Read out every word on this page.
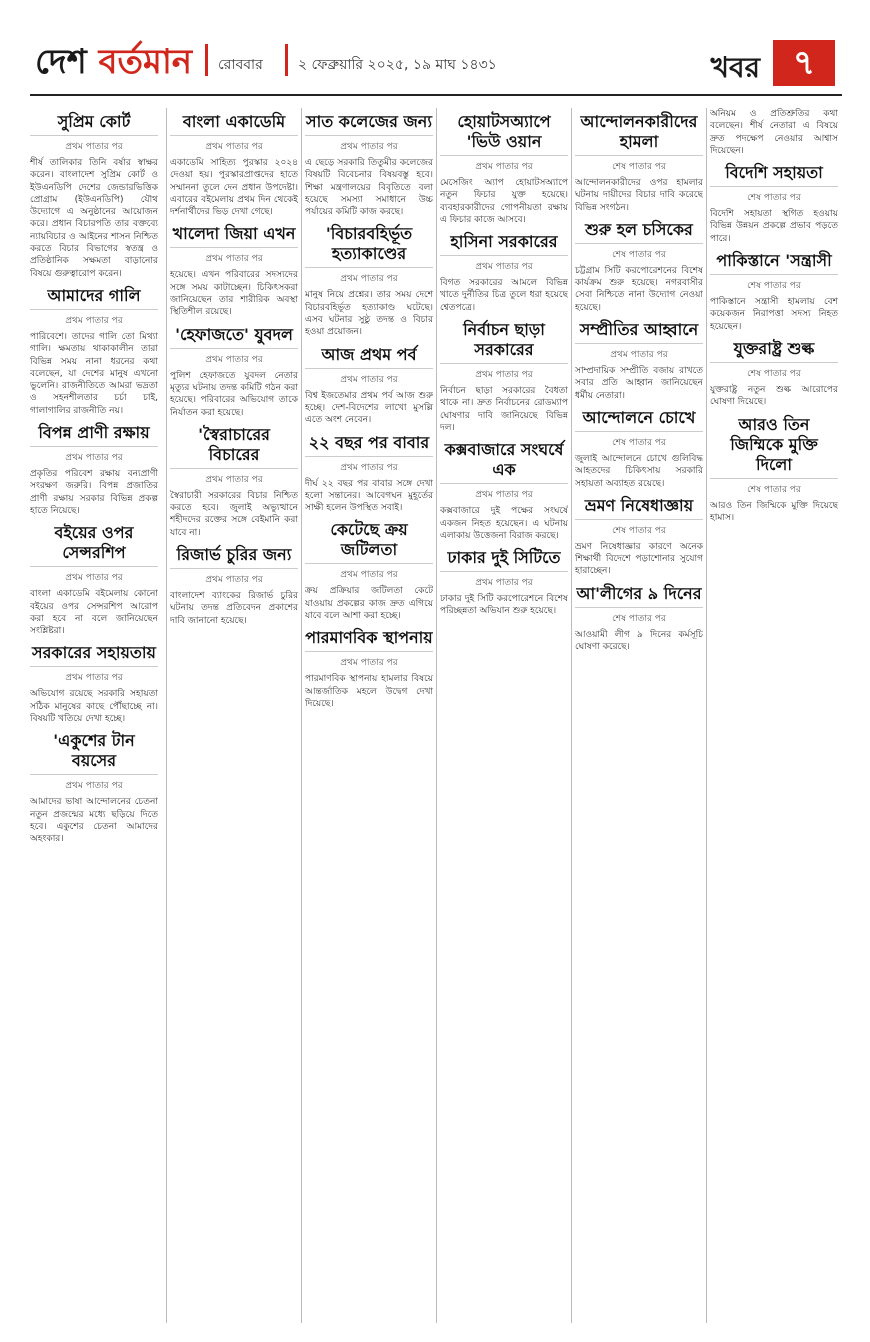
দেশ বর্তমান রোববার	২ ফেব্রুয়ারি ২০২৫, ১৯ মাঘ ১৪৩১	খবর ৭
সুপ্রিম কোর্ট
প্রথম পাতার পর

শীর্ষ তালিকার তিনি বর্ষার স্বাক্ষর করেন। বাংলাদেশ সুপ্রিম কোর্ট ও ইউএনডিপি দেশের জেন্ডারভিত্তিক প্রোগ্রাম (ইউএনডিপি) যৌথ উদ্যোগে এ অনুষ্ঠানের আয়োজন করে। প্রধান বিচারপতি তার বক্তব্যে ন্যায়বিচার ও আইনের শাসন নিশ্চিত করতে বিচার বিভাগের স্বতন্ত্র ও প্রতিষ্ঠানিক সক্ষমতা বাড়ানোর বিষয়ে গুরুত্বারোপ করেন।

আমাদের গালি
প্রথম পাতার পর

পারিবেশে। তাদের গালি তো মিথ্যা গালি। ক্ষমতায় থাকাকালীন তারা বিভিন্ন সময় নানা ধরনের কথা বলেছেন, যা দেশের মানুষ এখনো ভুলেনি। রাজনীতিতে আমরা ভদ্রতা ও সহনশীলতার চর্চা চাই, গালাগালির রাজনীতি নয়।

বিপন্ন প্রাণী রক্ষায়
প্রথম পাতার পর

প্রকৃতির পরিবেশ রক্ষায় বন্যপ্রাণী সংরক্ষণ জরুরি। বিপন্ন প্রজাতির প্রাণী রক্ষায় সরকার বিভিন্ন প্রকল্প হাতে নিয়েছে।

বইয়ের ওপর সেন্সরশিপ
প্রথম পাতার পর

বাংলা একাডেমি বইমেলায় কোনো বইয়ের ওপর সেন্সরশিপ আরোপ করা হবে না বলে জানিয়েছেন সংশ্লিষ্টরা।

সরকারের সহায়তায়
প্রথম পাতার পর

অভিযোগ রয়েছে সরকারি সহায়তা সঠিক মানুষের কাছে পৌঁছাচ্ছে না। বিষয়টি খতিয়ে দেখা হচ্ছে।

'একুশের টান বয়সের
প্রথম পাতার পর

আমাদের ভাষা আন্দোলনের চেতনা নতুন প্রজন্মের মধ্যে ছড়িয়ে দিতে হবে। একুশের চেতনা আমাদের অহংকার।

বাংলা একাডেমি
প্রথম পাতার পর

একাডেমি সাহিত্য পুরস্কার ২০২৪ দেওয়া হয়। পুরস্কারপ্রাপ্তদের হাতে সম্মাননা তুলে দেন প্রধান উপদেষ্টা। এবারের বইমেলায় প্রথম দিন থেকেই দর্শনার্থীদের ভিড় দেখা গেছে।

খালেদা জিয়া এখন
প্রথম পাতার পর

হয়েছে। এখন পরিবারের সদস্যদের সঙ্গে সময় কাটাচ্ছেন। চিকিৎসকরা জানিয়েছেন তার শারীরিক অবস্থা স্থিতিশীল রয়েছে।

'হেফাজতে' যুবদল
প্রথম পাতার পর

পুলিশ হেফাজতে যুবদল নেতার মৃত্যুর ঘটনায় তদন্ত কমিটি গঠন করা হয়েছে। পরিবারের অভিযোগ তাকে নির্যাতন করা হয়েছে।

'স্বৈরাচারের বিচারের
প্রথম পাতার পর

স্বৈরাচারী সরকারের বিচার নিশ্চিত করতে হবে। জুলাই অভ্যুত্থানে শহীদদের রক্তের সঙ্গে বেইমানি করা যাবে না।

রিজার্ভ চুরির জন্য
প্রথম পাতার পর

বাংলাদেশ ব্যাংকের রিজার্ভ চুরির ঘটনায় তদন্ত প্রতিবেদন প্রকাশের দাবি জানানো হয়েছে।

সাত কলেজের জন্য
প্রথম পাতার পর

এ ছেড়ে সরকারি তিতুমীর কলেজের বিষয়টি বিবেচনার বিষয়বস্তু হবে। শিক্ষা মন্ত্রণালয়ের বিবৃতিতে বলা হয়েছে সমস্যা সমাধানে উচ্চ পর্যায়ের কমিটি কাজ করছে।

'বিচারবহির্ভূত হত্যাকাণ্ডের
প্রথম পাতার পর

মানুষ নিয়ে প্রশ্নের। তার সময় দেশে বিচারবহির্ভূত হত্যাকাণ্ড ঘটেছে। এসব ঘটনার সুষ্ঠু তদন্ত ও বিচার হওয়া প্রয়োজন।

আজ প্রথম পর্ব
প্রথম পাতার পর

বিশ্ব ইজতেমার প্রথম পর্ব আজ শুরু হচ্ছে। দেশ-বিদেশের লাখো মুসল্লি এতে অংশ নেবেন।

২২ বছর পর বাবার
প্রথম পাতার পর

দীর্ঘ ২২ বছর পর বাবার সঙ্গে দেখা হলো সন্তানের। আবেগঘন মুহূর্তের সাক্ষী হলেন উপস্থিত সবাই।

কেটেছে ক্রয় জটিলতা
প্রথম পাতার পর

ক্রয় প্রক্রিয়ার জটিলতা কেটে যাওয়ায় প্রকল্পের কাজ দ্রুত এগিয়ে যাবে বলে আশা করা হচ্ছে।

পারমাণবিক স্থাপনায়
প্রথম পাতার পর

পারমাণবিক স্থাপনায় হামলার বিষয়ে আন্তর্জাতিক মহলে উদ্বেগ দেখা দিয়েছে।

হোয়াটসঅ্যাপে 'ভিউ ওয়ান
প্রথম পাতার পর

মেসেজিং অ্যাপ হোয়াটসঅ্যাপে নতুন ফিচার যুক্ত হয়েছে। ব্যবহারকারীদের গোপনীয়তা রক্ষায় এ ফিচার কাজে আসবে।

হাসিনা সরকারের
প্রথম পাতার পর

বিগত সরকারের আমলে বিভিন্ন খাতে দুর্নীতির চিত্র তুলে ধরা হয়েছে শ্বেতপত্রে।

নির্বাচন ছাড়া সরকারের
প্রথম পাতার পর

নির্বাচন ছাড়া সরকারের বৈধতা থাকে না। দ্রুত নির্বাচনের রোডম্যাপ ঘোষণার দাবি জানিয়েছে বিভিন্ন দল।

কক্সবাজারে সংঘর্ষে এক
প্রথম পাতার পর

কক্সবাজারে দুই পক্ষের সংঘর্ষে একজন নিহত হয়েছেন। এ ঘটনায় এলাকায় উত্তেজনা বিরাজ করছে।

ঢাকার দুই সিটিতে
প্রথম পাতার পর

ঢাকার দুই সিটি করপোরেশনে বিশেষ পরিচ্ছন্নতা অভিযান শুরু হয়েছে।

আন্দোলনকারীদের হামলা
শেষ পাতার পর

আন্দোলনকারীদের ওপর হামলার ঘটনায় দায়ীদের বিচার দাবি করেছে বিভিন্ন সংগঠন।

শুরু হল চসিকের
শেষ পাতার পর

চট্টগ্রাম সিটি করপোরেশনের বিশেষ কার্যক্রম শুরু হয়েছে। নগরবাসীর সেবা নিশ্চিতে নানা উদ্যোগ নেওয়া হয়েছে।

সম্প্রীতির আহ্বানে
প্রথম পাতার পর

সাম্প্রদায়িক সম্প্রীতি বজায় রাখতে সবার প্রতি আহ্বান জানিয়েছেন ধর্মীয় নেতারা।

আন্দোলনে চোখে
শেষ পাতার পর

জুলাই আন্দোলনে চোখে গুলিবিদ্ধ আহতদের চিকিৎসায় সরকারি সহায়তা অব্যাহত রয়েছে।

ভ্রমণ নিষেধাজ্ঞায়
শেষ পাতার পর

ভ্রমণ নিষেধাজ্ঞার কারণে অনেক শিক্ষার্থী বিদেশে পড়াশোনার সুযোগ হারাচ্ছেন।

আ'লীগের ৯ দিনের
শেষ পাতার পর

আওয়ামী লীগ ৯ দিনের কর্মসূচি ঘোষণা করেছে।

অনিয়ম ও প্রতিশ্রুতির কথা বলেছেন। শীর্ষ নেতারা এ বিষয়ে দ্রুত পদক্ষেপ নেওয়ার আশ্বাস দিয়েছেন।

বিদেশি সহায়তা
শেষ পাতার পর

বিদেশি সহায়তা স্থগিত হওয়ায় বিভিন্ন উন্নয়ন প্রকল্পে প্রভাব পড়তে পারে।

পাকিস্তানে 'সন্ত্রাসী
শেষ পাতার পর

পাকিস্তানে সন্ত্রাসী হামলায় বেশ কয়েকজন নিরাপত্তা সদস্য নিহত হয়েছেন।

যুক্তরাষ্ট্র শুল্ক
শেষ পাতার পর

যুক্তরাষ্ট্র নতুন শুল্ক আরোপের ঘোষণা দিয়েছে।

আরও তিন জিম্মিকে মুক্তি দিলো
শেষ পাতার পর

আরও তিন জিম্মিকে মুক্তি দিয়েছে হামাস।
